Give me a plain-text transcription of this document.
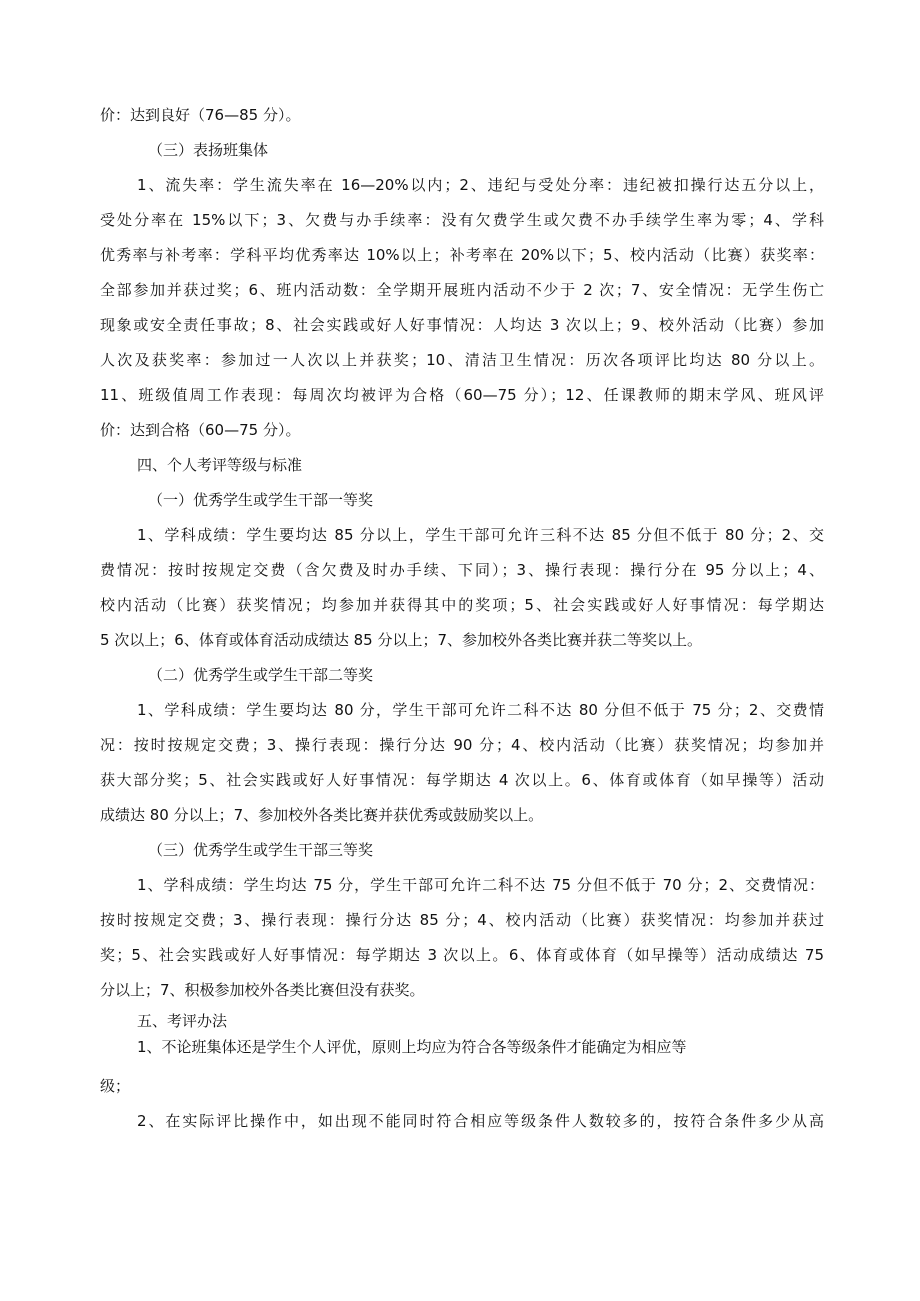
价：达到良好（76—85 分）。
（三）表扬班集体
1、流失率：学生流失率在 16—20%以内；2、违纪与受处分率：违纪被扣操行达五分以上，
受处分率在 15%以下；3、欠费与办手续率：没有欠费学生或欠费不办手续学生率为零；4、学科
优秀率与补考率：学科平均优秀率达 10%以上；补考率在 20%以下；5、校内活动（比赛）获奖率：
全部参加并获过奖；6、班内活动数：全学期开展班内活动不少于 2 次；7、安全情况：无学生伤亡
现象或安全责任事故；8、社会实践或好人好事情况：人均达 3 次以上；9、校外活动（比赛）参加
人次及获奖率：参加过一人次以上并获奖；10、清洁卫生情况：历次各项评比均达 80 分以上。
11、班级值周工作表现：每周次均被评为合格（60—75 分）；12、任课教师的期末学风、班风评
价：达到合格（60—75 分）。
四、个人考评等级与标准
（一）优秀学生或学生干部一等奖
1、学科成绩：学生要均达 85 分以上，学生干部可允许三科不达 85 分但不低于 80 分；2、交
费情况：按时按规定交费（含欠费及时办手续、下同）；3、操行表现：操行分在 95 分以上；4、
校内活动（比赛）获奖情况；均参加并获得其中的奖项；5、社会实践或好人好事情况：每学期达
5 次以上；6、体育或体育活动成绩达 85 分以上；7、参加校外各类比赛并获二等奖以上。
（二）优秀学生或学生干部二等奖
1、学科成绩：学生要均达 80 分，学生干部可允许二科不达 80 分但不低于 75 分；2、交费情
况：按时按规定交费；3、操行表现：操行分达 90 分；4、校内活动（比赛）获奖情况；均参加并
获大部分奖；5、社会实践或好人好事情况：每学期达 4 次以上。6、体育或体育（如早操等）活动
成绩达 80 分以上；7、参加校外各类比赛并获优秀或鼓励奖以上。
（三）优秀学生或学生干部三等奖
1、学科成绩：学生均达 75 分，学生干部可允许二科不达 75 分但不低于 70 分；2、交费情况：
按时按规定交费；3、操行表现：操行分达 85 分；4、校内活动（比赛）获奖情况：均参加并获过
奖；5、社会实践或好人好事情况：每学期达 3 次以上。6、体育或体育（如早操等）活动成绩达 75
分以上；7、积极参加校外各类比赛但没有获奖。
五、考评办法
1、不论班集体还是学生个人评优，原则上均应为符合各等级条件才能确定为相应等
级；
2、在实际评比操作中，如出现不能同时符合相应等级条件人数较多的，按符合条件多少从高
